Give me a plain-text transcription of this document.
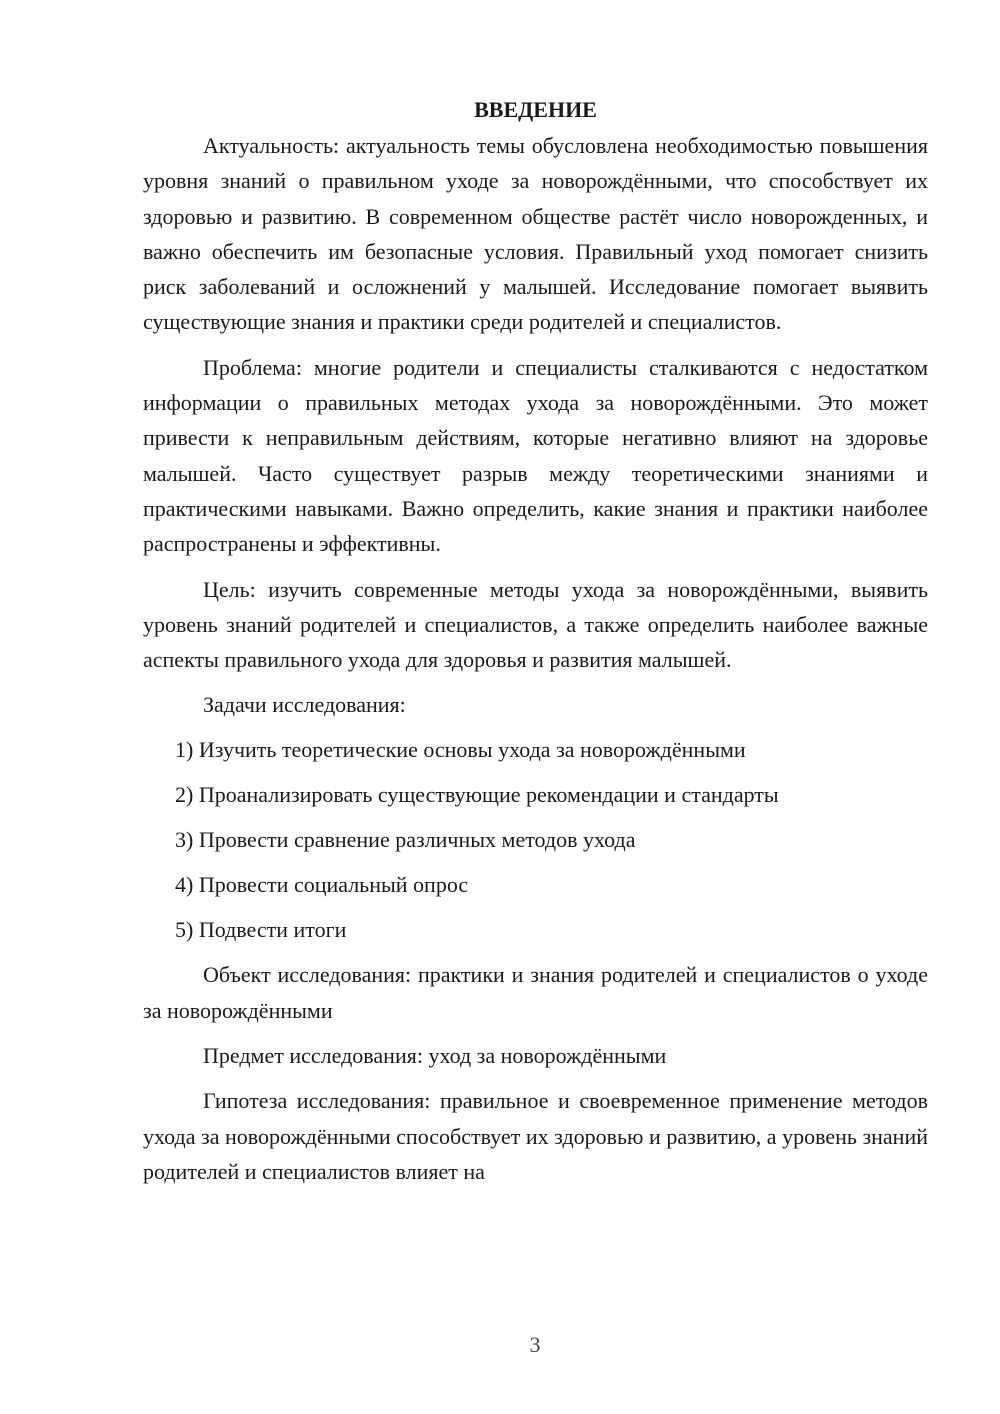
ВВЕДЕНИЕ

Актуальность: актуальность темы обусловлена необходимостью повышения уровня знаний о правильном уходе за новорождёнными, что способствует их здоровью и развитию. В современном обществе растёт число новорожденных, и важно обеспечить им безопасные условия. Правильный уход помогает снизить риск заболеваний и осложнений у малышей. Исследование помогает выявить существующие знания и практики среди родителей и специалистов.

Проблема: многие родители и специалисты сталкиваются с недостатком информации о правильных методах ухода за новорождёнными. Это может привести к неправильным действиям, которые негативно влияют на здоровье малышей. Часто существует разрыв между теоретическими знаниями и практическими навыками. Важно определить, какие знания и практики наиболее распространены и эффективны.

Цель: изучить современные методы ухода за новорождёнными, выявить уровень знаний родителей и специалистов, а также определить наиболее важные аспекты правильного ухода для здоровья и развития малышей.

Задачи исследования:

1) Изучить теоретические основы ухода за новорождёнными
2) Проанализировать существующие рекомендации и стандарты
3) Провести сравнение различных методов ухода
4) Провести социальный опрос
5) Подвести итоги

Объект исследования: практики и знания родителей и специалистов о уходе за новорождёнными

Предмет исследования: уход за новорождёнными

Гипотеза исследования: правильное и своевременное применение методов ухода за новорождёнными способствует их здоровью и развитию, а уровень знаний родителей и специалистов влияет на

3
